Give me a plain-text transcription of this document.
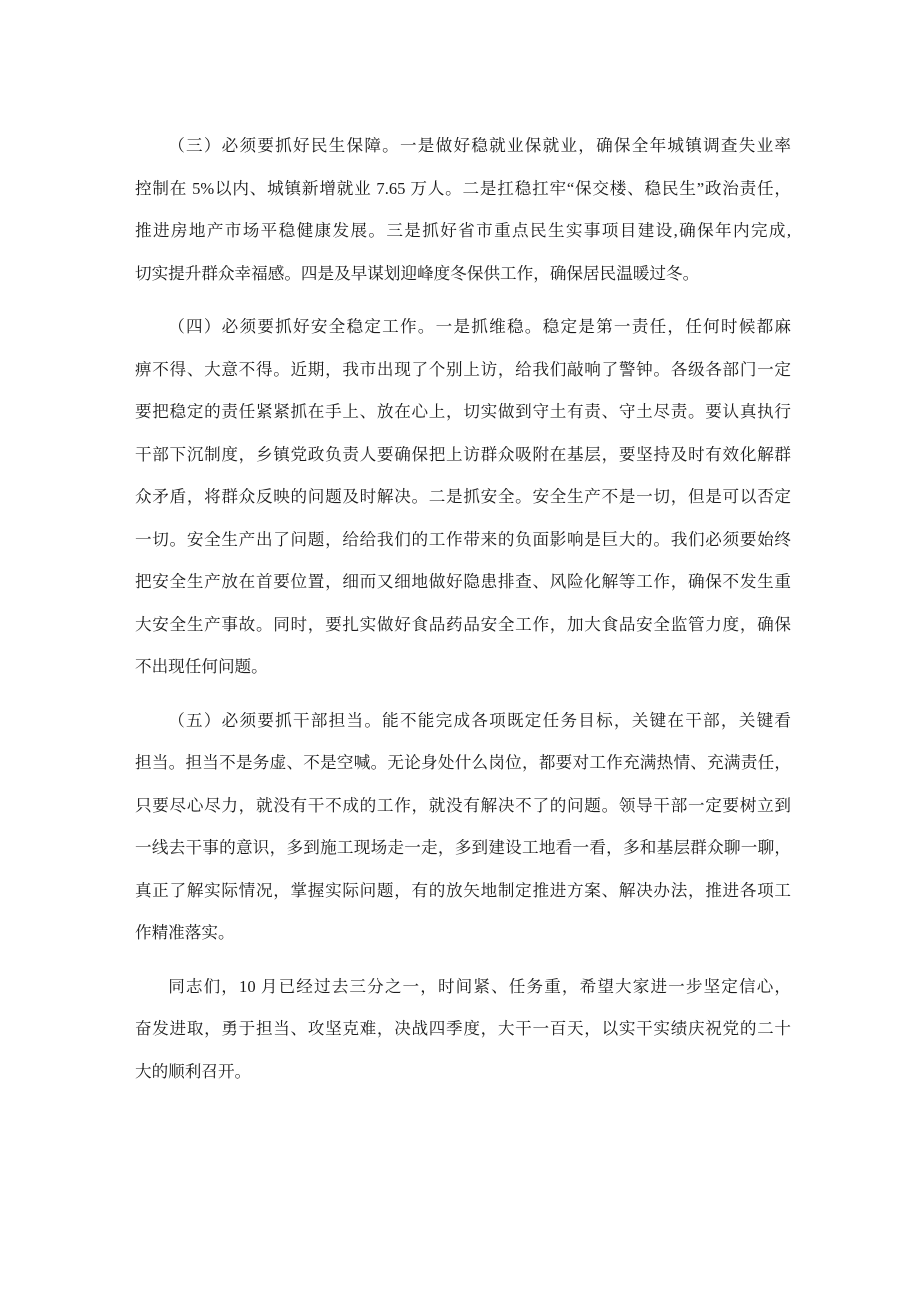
（三）必须要抓好民生保障。一是做好稳就业保就业，确保全年城镇调查失业率
控制在 5%以内、城镇新增就业 7.65 万人。二是扛稳扛牢“保交楼、稳民生”政治责任，
推进房地产市场平稳健康发展。三是抓好省市重点民生实事项目建设,确保年内完成,
切实提升群众幸福感。四是及早谋划迎峰度冬保供工作，确保居民温暖过冬。
（四）必须要抓好安全稳定工作。一是抓维稳。稳定是第一责任，任何时候都麻
痹不得、大意不得。近期，我市出现了个别上访，给我们敲响了警钟。各级各部门一定
要把稳定的责任紧紧抓在手上、放在心上，切实做到守土有责、守土尽责。要认真执行
干部下沉制度，乡镇党政负责人要确保把上访群众吸附在基层，要坚持及时有效化解群
众矛盾，将群众反映的问题及时解决。二是抓安全。安全生产不是一切，但是可以否定
一切。安全生产出了问题，给给我们的工作带来的负面影响是巨大的。我们必须要始终
把安全生产放在首要位置，细而又细地做好隐患排查、风险化解等工作，确保不发生重
大安全生产事故。同时，要扎实做好食品药品安全工作，加大食品安全监管力度，确保
不出现任何问题。
（五）必须要抓干部担当。能不能完成各项既定任务目标，关键在干部，关键看
担当。担当不是务虚、不是空喊。无论身处什么岗位，都要对工作充满热情、充满责任，
只要尽心尽力，就没有干不成的工作，就没有解决不了的问题。领导干部一定要树立到
一线去干事的意识，多到施工现场走一走，多到建设工地看一看，多和基层群众聊一聊，
真正了解实际情况，掌握实际问题，有的放矢地制定推进方案、解决办法，推进各项工
作精准落实。
同志们，10 月已经过去三分之一，时间紧、任务重，希望大家进一步坚定信心，
奋发进取，勇于担当、攻坚克难，决战四季度，大干一百天，以实干实绩庆祝党的二十
大的顺利召开。
